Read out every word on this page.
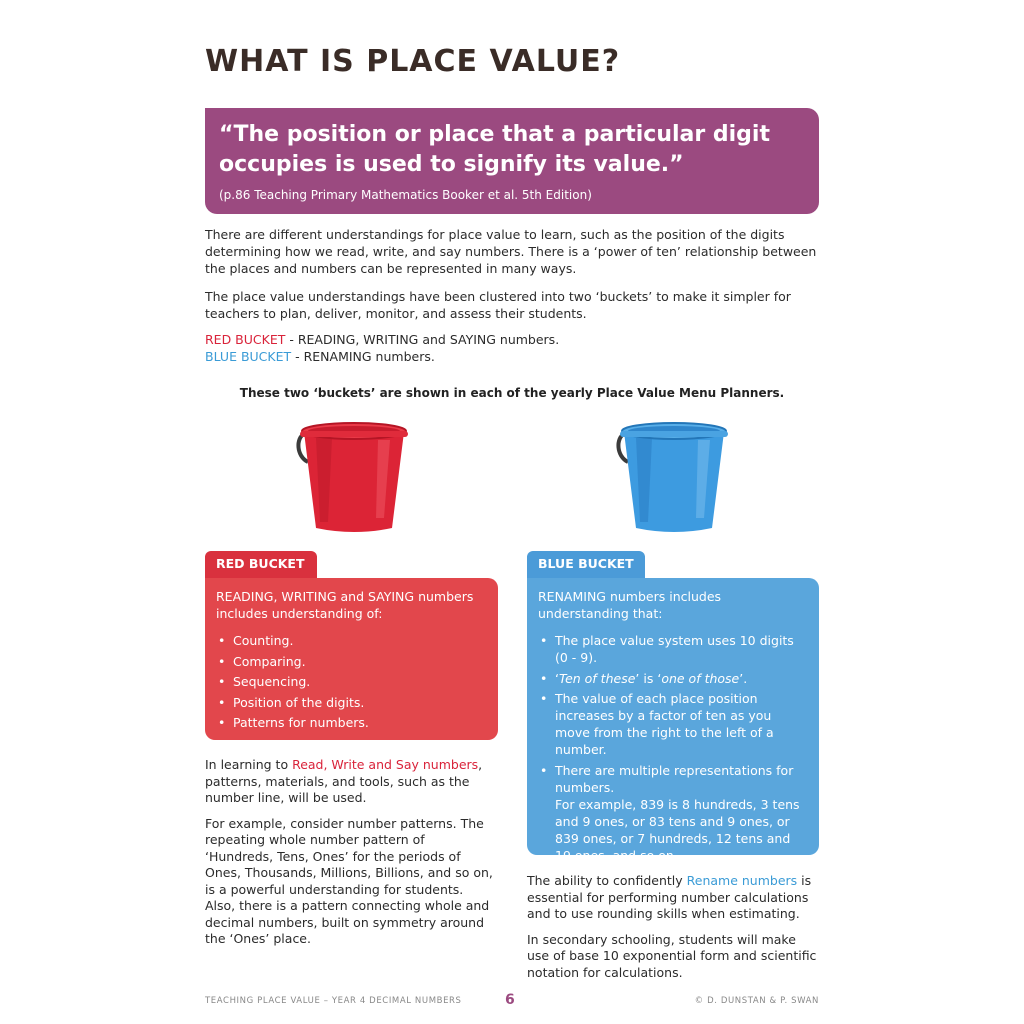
WHAT IS PLACE VALUE?
“The position or place that a particular digit occupies is used to signify its value.”
(p.86 Teaching Primary Mathematics Booker et al. 5th Edition)
There are different understandings for place value to learn, such as the position of the digits determining how we read, write, and say numbers. There is a ‘power of ten’ relationship between the places and numbers can be represented in many ways.
The place value understandings have been clustered into two ‘buckets’ to make it simpler for teachers to plan, deliver, monitor, and assess their students.
RED BUCKET - READING, WRITING and SAYING numbers.
BLUE BUCKET - RENAMING numbers.
These two ‘buckets’ are shown in each of the yearly Place Value Menu Planners.
RED BUCKET
READING, WRITING and SAYING numbers includes understanding of:
• Counting.
• Comparing.
• Sequencing.
• Position of the digits.
• Patterns for numbers.
BLUE BUCKET
RENAMING numbers includes understanding that:
• The place value system uses 10 digits (0 - 9).
• ‘Ten of these’ is ‘one of those’.
• The value of each place position increases by a factor of ten as you move from the right to the left of a number.
• There are multiple representations for numbers.
For example, 839 is 8 hundreds, 3 tens and 9 ones, or 83 tens and 9 ones, or 839 ones, or 7 hundreds, 12 tens and 19 ones, and so on.

In learning to Read, Write and Say numbers, patterns, materials, and tools, such as the number line, will be used.

For example, consider number patterns. The repeating whole number pattern of ‘Hundreds, Tens, Ones’ for the periods of Ones, Thousands, Millions, Billions, and so on, is a powerful understanding for students. Also, there is a pattern connecting whole and decimal numbers, built on symmetry around the ‘Ones’ place.

The ability to confidently Rename numbers is essential for performing number calculations and to use rounding skills when estimating.

In secondary schooling, students will make use of base 10 exponential form and scientific notation for calculations.

TEACHING PLACE VALUE – YEAR 4 DECIMAL NUMBERS	6	© D. DUNSTAN & P. SWAN
